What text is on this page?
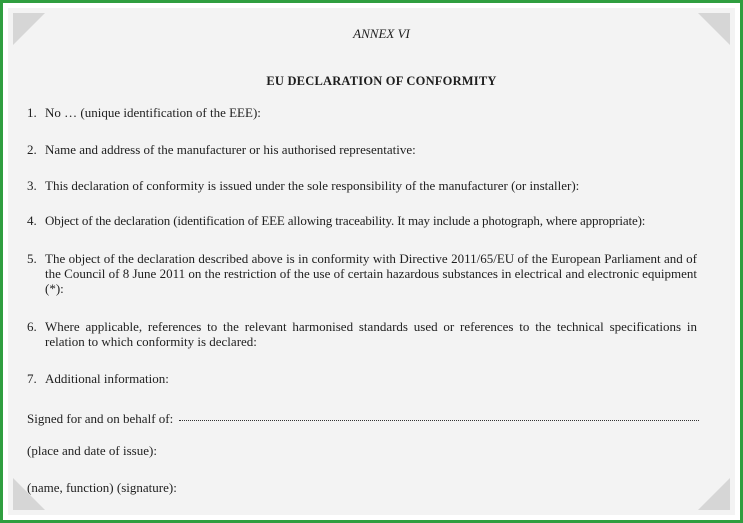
ANNEX VI
EU DECLARATION OF CONFORMITY
1. No … (unique identification of the EEE):
2. Name and address of the manufacturer or his authorised representative:
3. This declaration of conformity is issued under the sole responsibility of the manufacturer (or installer):
4. Object of the declaration (identification of EEE allowing traceability. It may include a photograph, where appropriate):
5. The object of the declaration described above is in conformity with Directive 2011/65/EU of the European Parliament and of the Council of 8 June 2011 on the restriction of the use of certain hazardous substances in electrical and electronic equipment (*):
6. Where applicable, references to the relevant harmonised standards used or references to the technical specifications in relation to which conformity is declared:
7. Additional information:
Signed for and on behalf of:
(place and date of issue):
(name, function) (signature):
